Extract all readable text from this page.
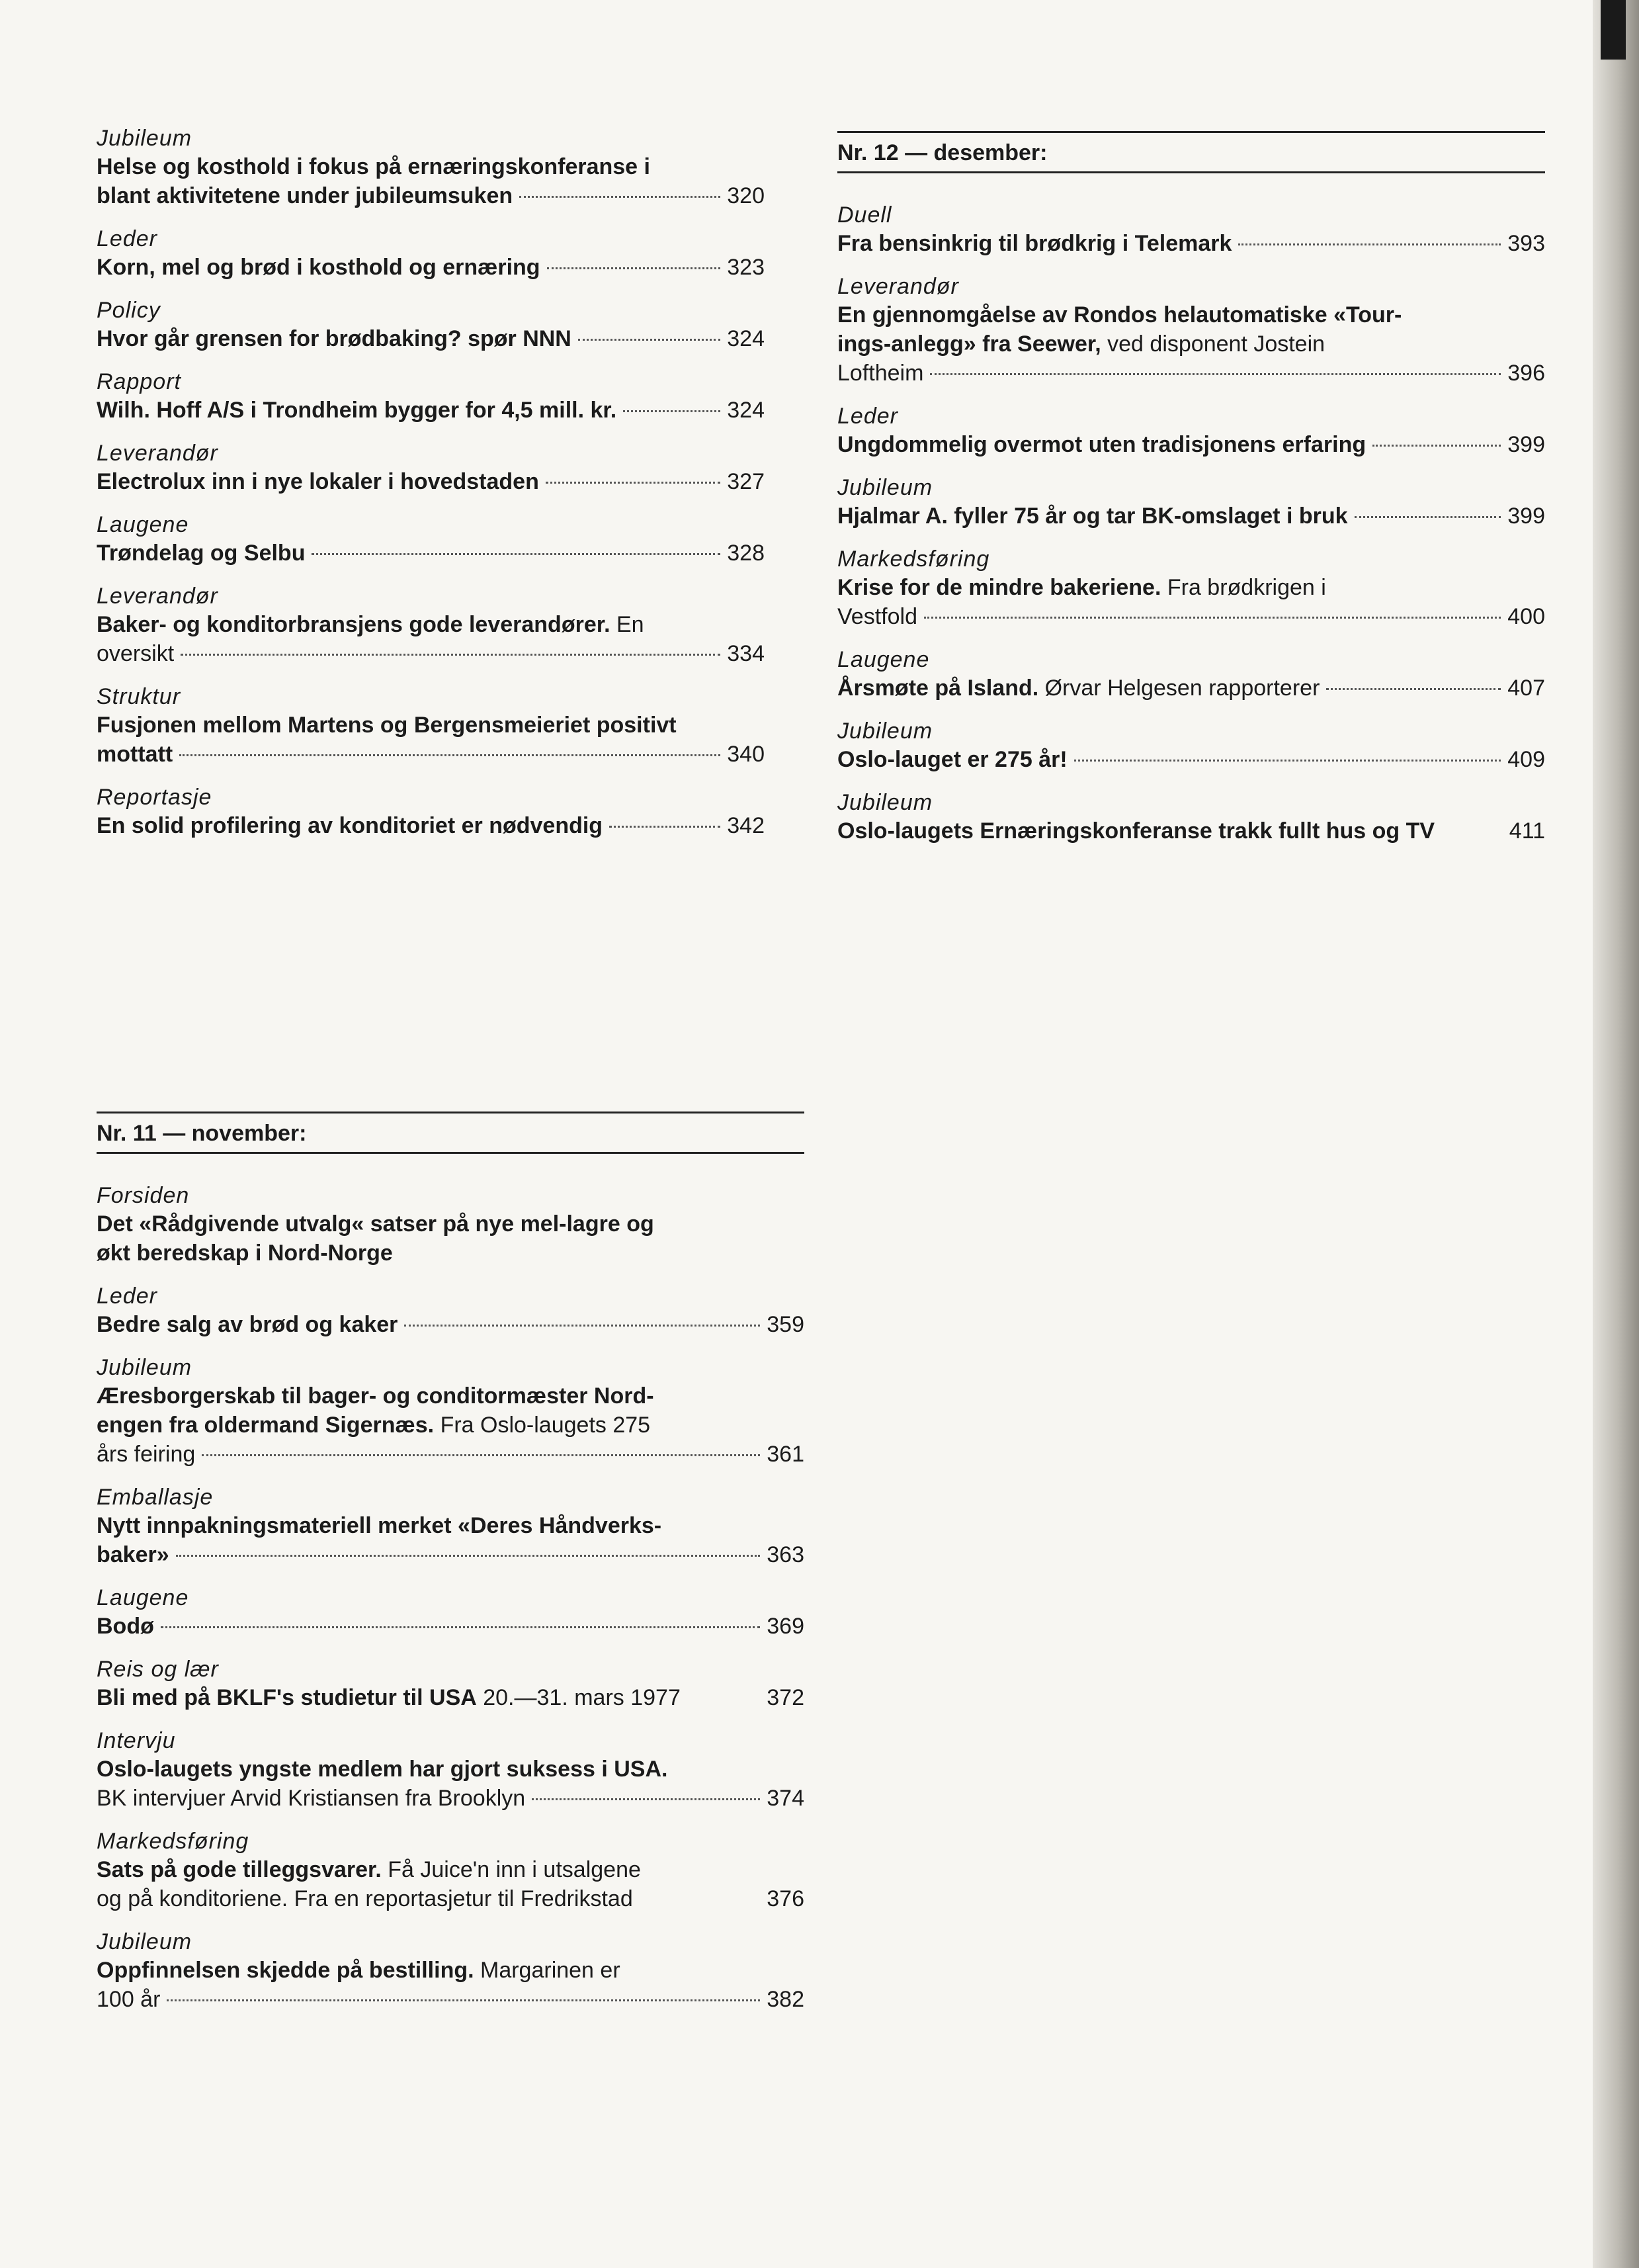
Jubileum
Helse og kosthold i fokus på ernæringskonferanse i
blant aktivitetene under jubileumsuken	320
Leder
Korn, mel og brød i kosthold og ernæring	323
Policy
Hvor går grensen for brødbaking? spør NNN	324
Rapport
Wilh. Hoff A/S i Trondheim bygger for 4,5 mill. kr.	324
Leverandør
Electrolux inn i nye lokaler i hovedstaden	327
Laugene
Trøndelag og Selbu	328
Leverandør
Baker- og konditorbransjens gode leverandører. En
oversikt	334
Struktur
Fusjonen mellom Martens og Bergensmeieriet positivt
mottatt	340
Reportasje
En solid profilering av konditoriet er nødvendig	342
Nr. 12 — desember:
Duell
Fra bensinkrig til brødkrig i Telemark	393
Leverandør
En gjennomgåelse av Rondos helautomatiske «Tour-
ings-anlegg» fra Seewer, ved disponent Jostein
Loftheim	396
Leder
Ungdommelig overmot uten tradisjonens erfaring	399
Jubileum
Hjalmar A. fyller 75 år og tar BK-omslaget i bruk	399
Markedsføring
Krise for de mindre bakeriene. Fra brødkrigen i
Vestfold	400
Laugene
Årsmøte på Island. Ørvar Helgesen rapporterer	407
Jubileum
Oslo-lauget er 275 år!	409
Jubileum
Oslo-laugets Ernæringskonferanse trakk fullt hus og TV	411
Nr. 11 — november:
Forsiden
Det «Rådgivende utvalg« satser på nye mel-lagre og
økt beredskap i Nord-Norge
Leder
Bedre salg av brød og kaker	359
Jubileum
Æresborgerskab til bager- og conditormæster Nord-
engen fra oldermand Sigernæs. Fra Oslo-laugets 275
års feiring	361
Emballasje
Nytt innpakningsmateriell merket «Deres Håndverks-
baker»	363
Laugene
Bodø	369
Reis og lær
Bli med på BKLF's studietur til USA 20.—31. mars 1977	372
Intervju
Oslo-laugets yngste medlem har gjort suksess i USA.
BK intervjuer Arvid Kristiansen fra Brooklyn	374
Markedsføring
Sats på gode tilleggsvarer. Få Juice'n inn i utsalgene
og på konditoriene. Fra en reportasjetur til Fredrikstad	376
Jubileum
Oppfinnelsen skjedde på bestilling. Margarinen er
100 år	382
